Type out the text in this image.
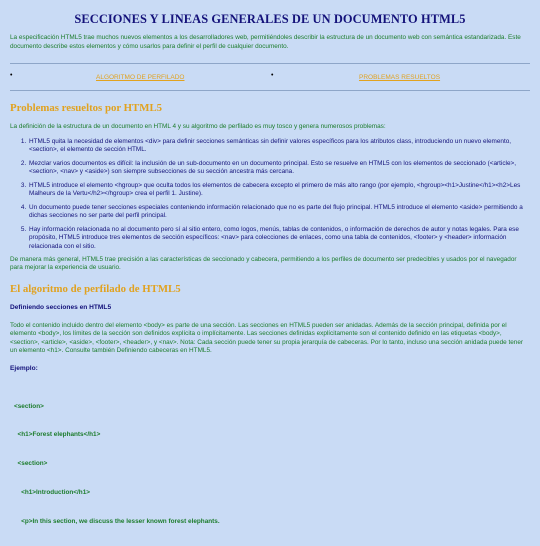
SECCIONES Y LINEAS GENERALES DE UN DOCUMENTO HTML5

La especificación HTML5 trae muchos nuevos elementos a los desarrolladores web, permitiéndoles describir la estructura de un documento web con semántica estandarizada. Este documento describe estos elementos y cómo usarlos para definir el perfil de cualquier documento.

•	ALGORITMO DE PERFILADO	•	PROBLEMAS RESUELTOS
Problemas resueltos por HTML5

La definición de la estructura de un documento en HTML 4 y su algoritmo de perfilado es muy tosco y genera numerosos problemas:

1. HTML5 quita la necesidad de elementos <div> para definir secciones semánticas sin definir valores específicos para los atributos class, introduciendo un nuevo elemento, <section>, el elemento de sección HTML.
2. Mezclar varios documentos es difícil: la inclusión de un sub-documento en un documento principal. Esto se resuelve en HTML5 con los elementos de seccionado (<article>, <section>, <nav> y <aside>) son siempre subsecciones de su sección ancestra más cercana.
3. HTML5 introduce el elemento <hgroup> que oculta todos los elementos de cabecera excepto el primero de más alto rango (por ejemplo, <hgroup><h1>Justine</h1><h2>Les Malheurs de la Vertu</h2></hgroup> crea el perfil 1. Justine).
4. Un documento puede tener secciones especiales conteniendo información relacionado que no es parte del flujo principal. HTML5 introduce el elemento <aside> permitiendo a dichas secciones no ser parte del perfil principal.
5. Hay información relacionada no al documento pero sí al sitio entero, como logos, menús, tablas de contenidos, o información de derechos de autor y notas legales. Para ese propósito, HTML5 introduce tres elementos de sección específicos: <nav> para colecciones de enlaces, como una tabla de contenidos, <footer> y <header> información relacionada con el sitio.

De manera más general, HTML5 trae precisión a las características de seccionado y cabecera, permitiendo a los perfiles de documento ser predecibles y usados por el navegador para mejorar la experiencia de usuario.

El algoritmo de perfilado de HTML5
Definiendo secciones en HTML5

Todo el contenido incluido dentro del elemento <body> es parte de una sección. Las secciones en HTML5 pueden ser anidadas. Además de la sección principal, definida por el elemento <body>, los límites de la sección son definidos explícita o implícitamente. Las secciones definidas explícitamente son el contenido definido en las etiquetas <body>, <section>, <article>, <aside>, <footer>, <header>, y <nav>. Nota: Cada sección puede tener su propia jerarquía de cabeceras. Por lo tanto, incluso una sección anidada puede tener un elemento <h1>. Consulte también Definiendo cabeceras en HTML5.

Ejemplo:

<section>

<h1>Forest elephants</h1>

<section>

<h1>Introduction</h1>

<p>In this section, we discuss the lesser known forest elephants.
